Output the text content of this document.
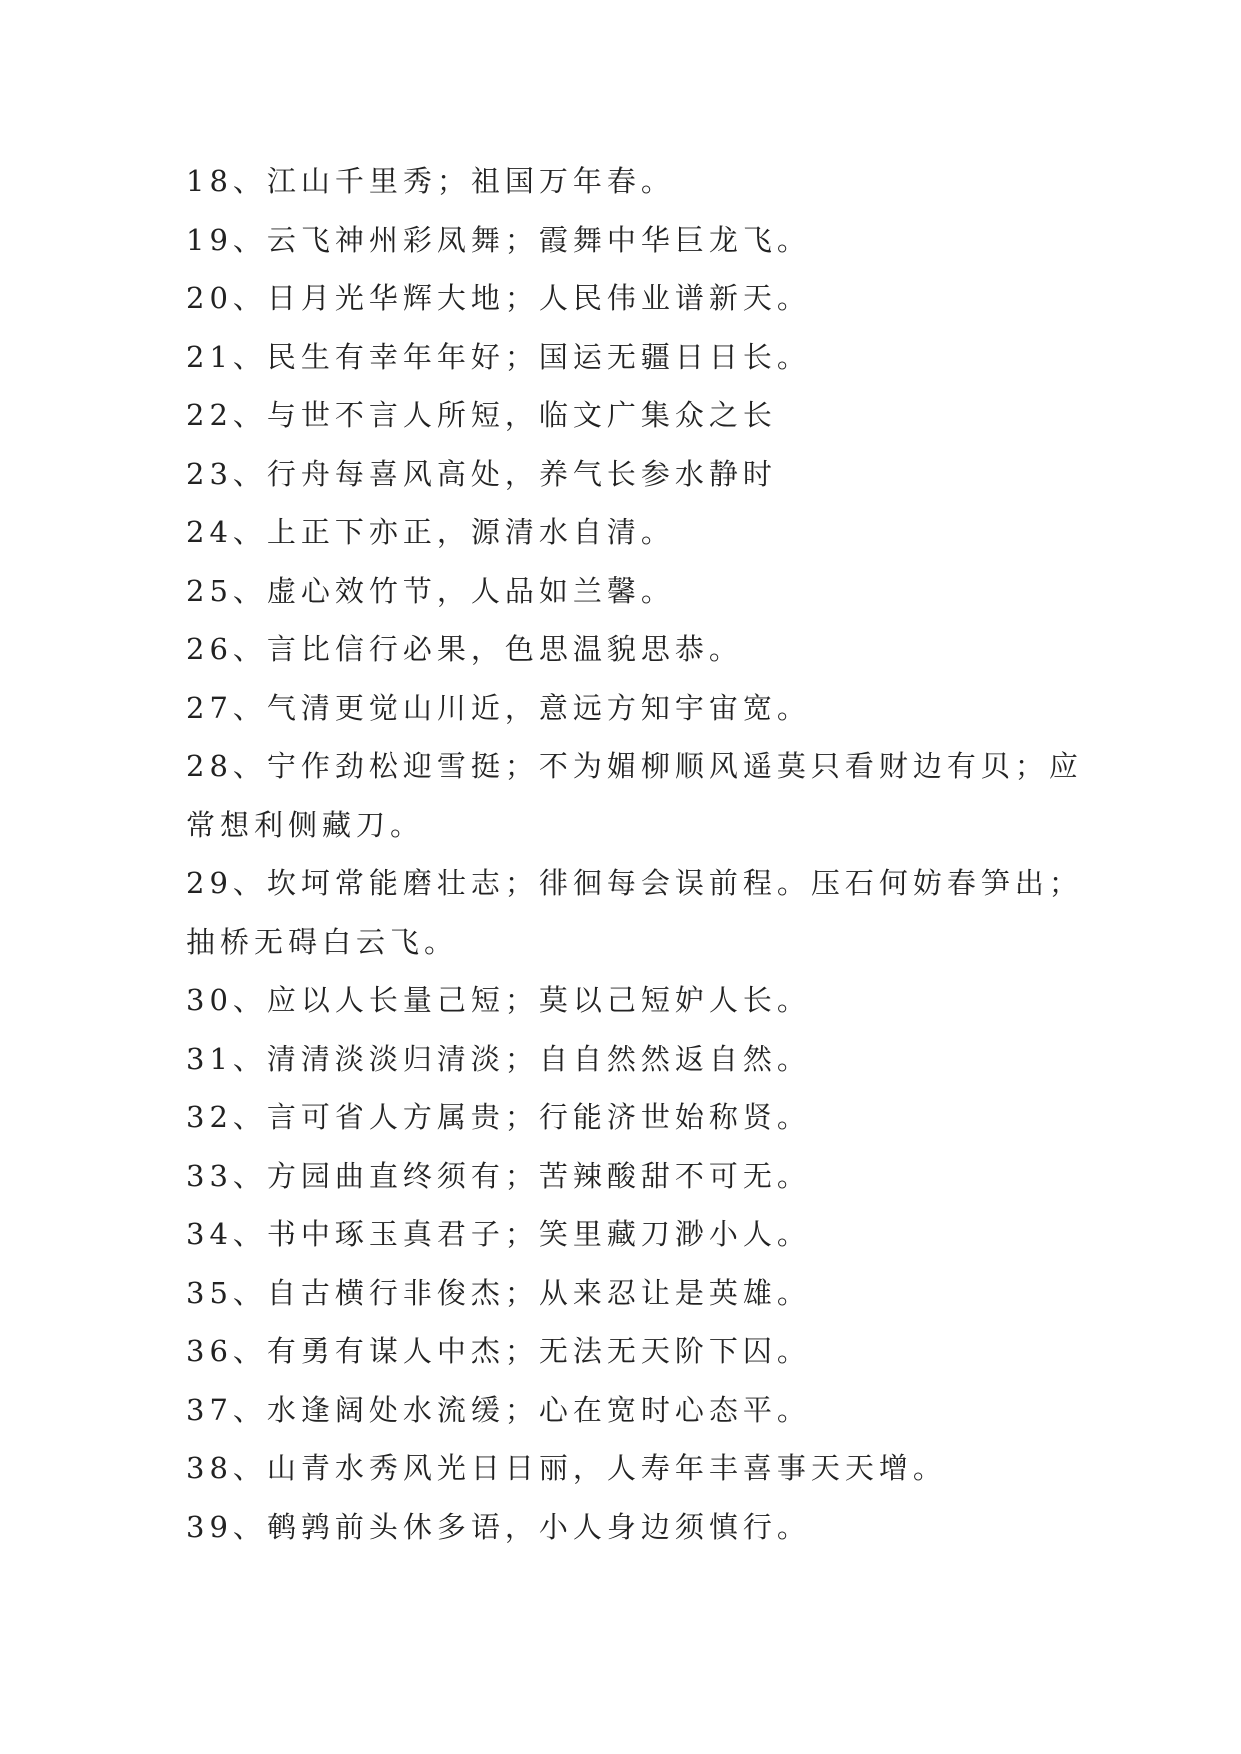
18、江山千里秀；祖国万年春。

19、云飞神州彩凤舞；霞舞中华巨龙飞。

20、日月光华辉大地；人民伟业谱新天。

21、民生有幸年年好；国运无疆日日长。

22、与世不言人所短，临文广集众之长

23、行舟每喜风高处，养气长参水静时

24、上正下亦正，源清水自清。

25、虚心效竹节，人品如兰馨。

26、言比信行必果，色思温貌思恭。

27、气清更觉山川近，意远方知宇宙宽。

28、宁作劲松迎雪挺；不为媚柳顺风遥莫只看财边有贝；应

常想利侧藏刀。

29、坎坷常能磨壮志；徘徊每会误前程。压石何妨春笋出；

抽桥无碍白云飞。

30、应以人长量己短；莫以己短妒人长。

31、清清淡淡归清淡；自自然然返自然。

32、言可省人方属贵；行能济世始称贤。

33、方园曲直终须有；苦辣酸甜不可无。

34、书中琢玉真君子；笑里藏刀渺小人。

35、自古横行非俊杰；从来忍让是英雄。

36、有勇有谋人中杰；无法无天阶下囚。

37、水逢阔处水流缓；心在宽时心态平。

38、山青水秀风光日日丽，人寿年丰喜事天天增。

39、鹌鹑前头休多语，小人身边须慎行。
